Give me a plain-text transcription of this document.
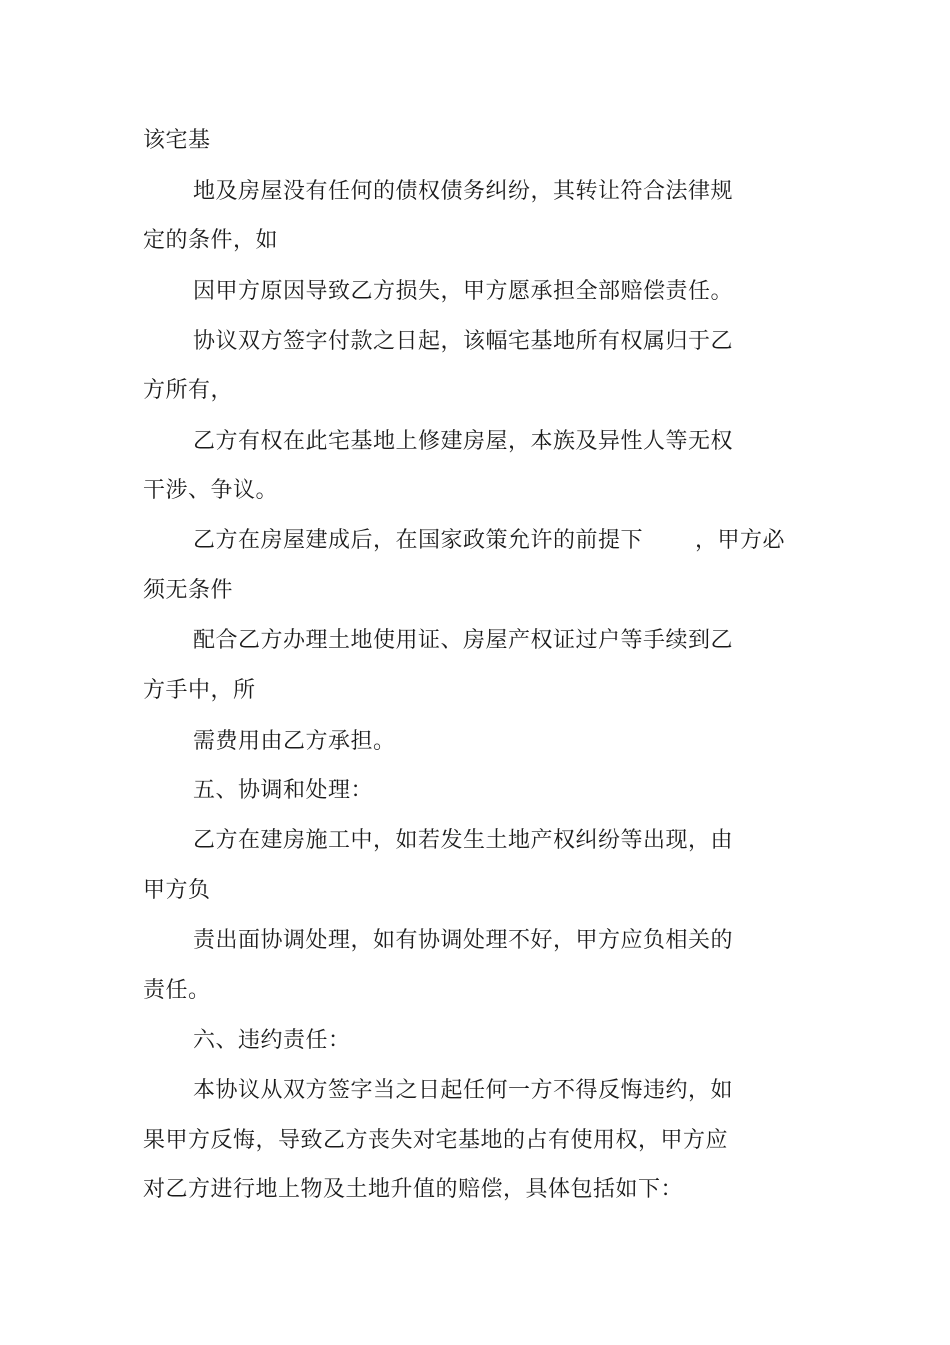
该宅基
地及房屋没有任何的债权债务纠纷，其转让符合法律规
定的条件，如
因甲方原因导致乙方损失，甲方愿承担全部赔偿责任。
协议双方签字付款之日起，该幅宅基地所有权属归于乙
方所有，
乙方有权在此宅基地上修建房屋，本族及异性人等无权
干涉、争议。
乙方在房屋建成后，在国家政策允许的前提下 ，甲方必
须无条件
配合乙方办理土地使用证、房屋产权证过户等手续到乙
方手中，所
需费用由乙方承担。
五、协调和处理：
乙方在建房施工中，如若发生土地产权纠纷等出现，由
甲方负
责出面协调处理，如有协调处理不好，甲方应负相关的
责任。
六、违约责任：
本协议从双方签字当之日起任何一方不得反悔违约，如
果甲方反悔，导致乙方丧失对宅基地的占有使用权，甲方应
对乙方进行地上物及土地升值的赔偿，具体包括如下：
